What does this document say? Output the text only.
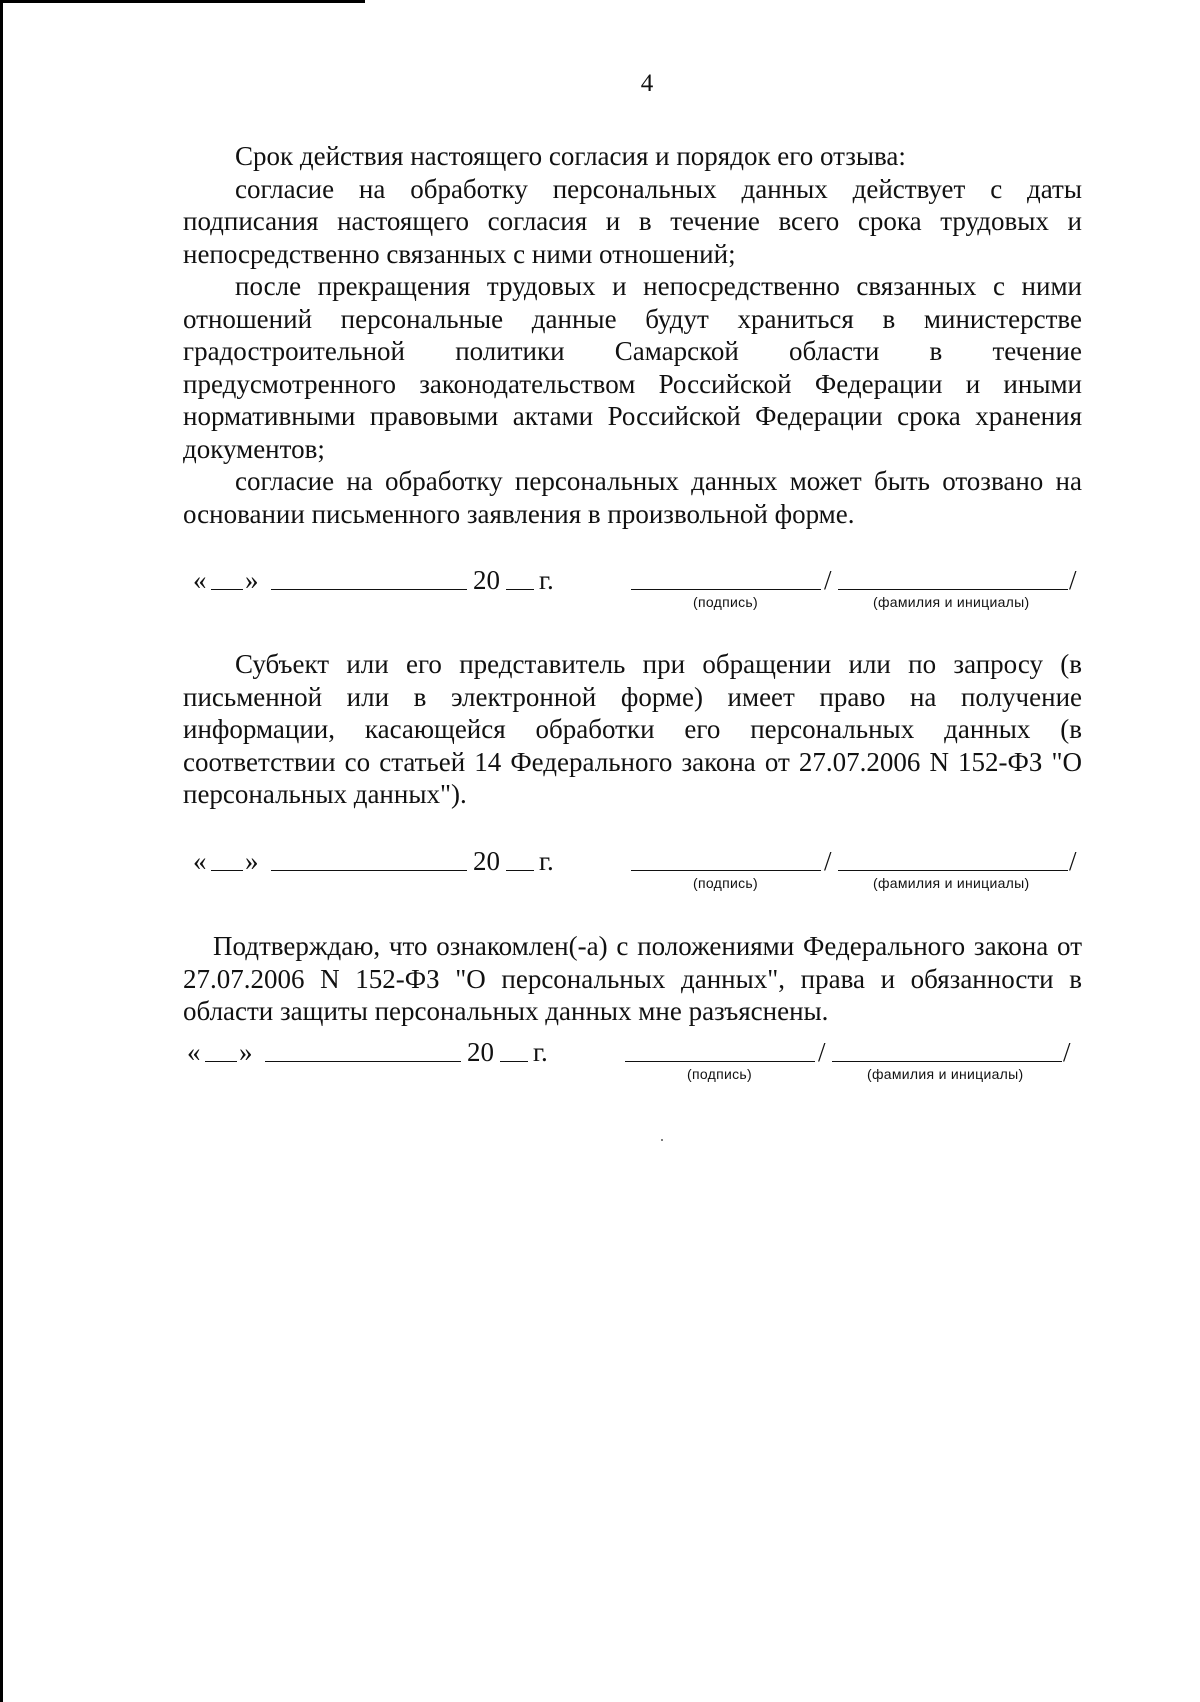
4

Срок действия настоящего согласия и порядок его отзыва:

согласие на обработку персональных данных действует с даты подписания настоящего согласия и в течение всего срока трудовых и непосредственно связанных с ними отношений;

после прекращения трудовых и непосредственно связанных с ними отношений персональные данные будут храниться в министерстве градостроительной политики Самарской области в течение предусмотренного законодательством Российской Федерации и иными нормативными правовыми актами Российской Федерации срока хранения документов;

согласие на обработку персональных данных может быть отозвано на основании письменного заявления в произвольной форме.

« »	20 г.	/	/
(подпись)	(фамилия и инициалы)

Субъект или его представитель при обращении или по запросу (в письменной или в электронной форме) имеет право на получение информации, касающейся обработки его персональных данных (в соответствии со статьей 14 Федерального закона от 27.07.2006 N 152-ФЗ "О персональных данных").

« »	20 г.	/	/
(подпись)	(фамилия и инициалы)

Подтверждаю, что ознакомлен(-а) с положениями Федерального закона от 27.07.2006 N 152-ФЗ "О персональных данных", права и обязанности в области защиты персональных данных мне разъяснены.

« »	20 г.	/	/
(подпись)	(фамилия и инициалы)
